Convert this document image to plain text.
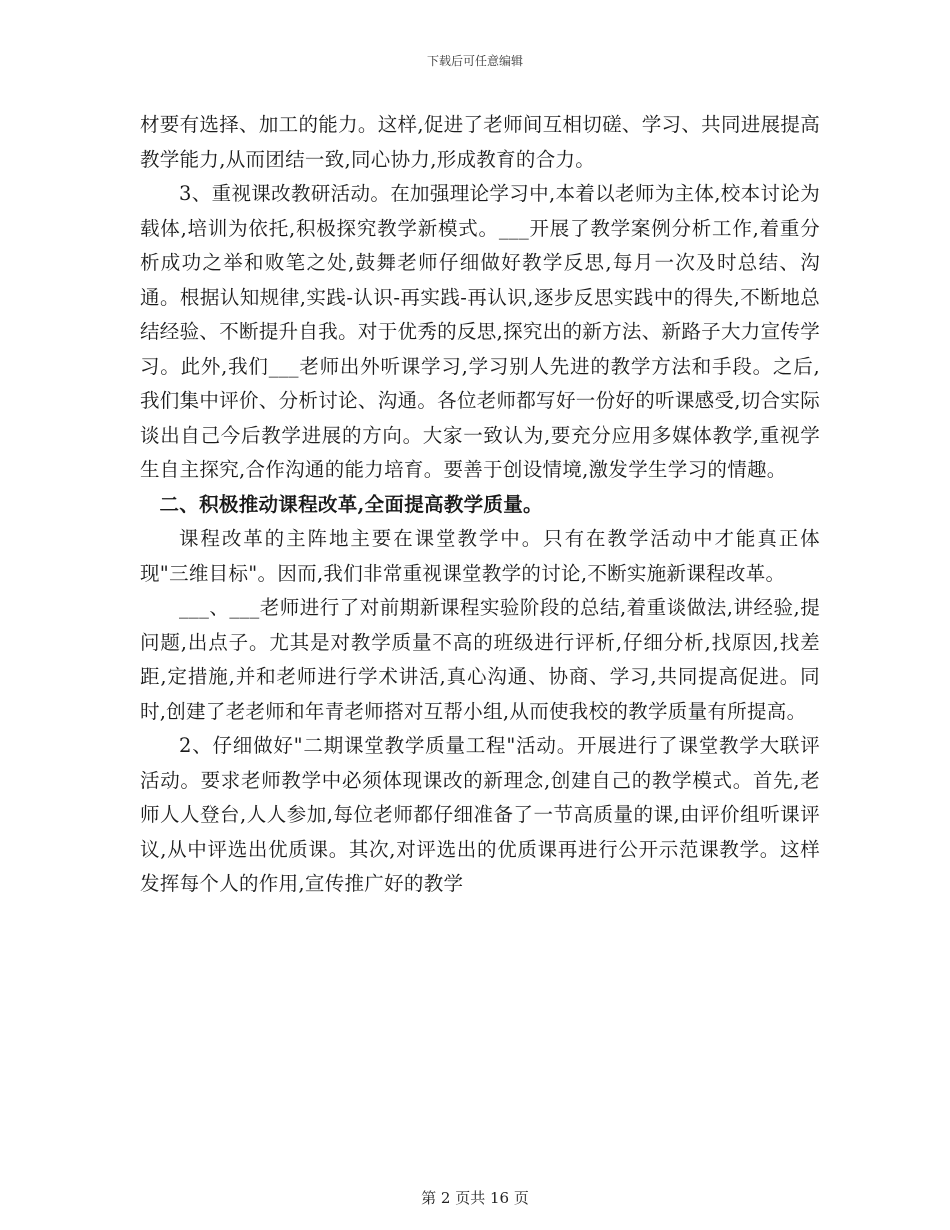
下载后可任意编辑

材要有选择、加工的能力。这样,促进了老师间互相切磋、学习、共同进展提高教学能力,从而团结一致,同心协力,形成教育的合力。

3、重视课改教研活动。在加强理论学习中,本着以老师为主体,校本讨论为载体,培训为依托,积极探究教学新模式。___开展了教学案例分析工作,着重分析成功之举和败笔之处,鼓舞老师仔细做好教学反思,每月一次及时总结、沟通。根据认知规律,实践-认识-再实践-再认识,逐步反思实践中的得失,不断地总结经验、不断提升自我。对于优秀的反思,探究出的新方法、新路子大力宣传学习。此外,我们___老师出外听课学习,学习别人先进的教学方法和手段。之后,我们集中评价、分析讨论、沟通。各位老师都写好一份好的听课感受,切合实际谈出自己今后教学进展的方向。大家一致认为,要充分应用多媒体教学,重视学生自主探究,合作沟通的能力培育。要善于创设情境,激发学生学习的情趣。

二、积极推动课程改革,全面提高教学质量。

课程改革的主阵地主要在课堂教学中。只有在教学活动中才能真正体现"三维目标"。因而,我们非常重视课堂教学的讨论,不断实施新课程改革。

___、___老师进行了对前期新课程实验阶段的总结,着重谈做法,讲经验,提问题,出点子。尤其是对教学质量不高的班级进行评析,仔细分析,找原因,找差距,定措施,并和老师进行学术讲活,真心沟通、协商、学习,共同提高促进。同时,创建了老老师和年青老师搭对互帮小组,从而使我校的教学质量有所提高。

2、仔细做好"二期课堂教学质量工程"活动。开展进行了课堂教学大联评活动。要求老师教学中必须体现课改的新理念,创建自己的教学模式。首先,老师人人登台,人人参加,每位老师都仔细准备了一节高质量的课,由评价组听课评议,从中评选出优质课。其次,对评选出的优质课再进行公开示范课教学。这样发挥每个人的作用,宣传推广好的教学

第 2 页共 16 页
